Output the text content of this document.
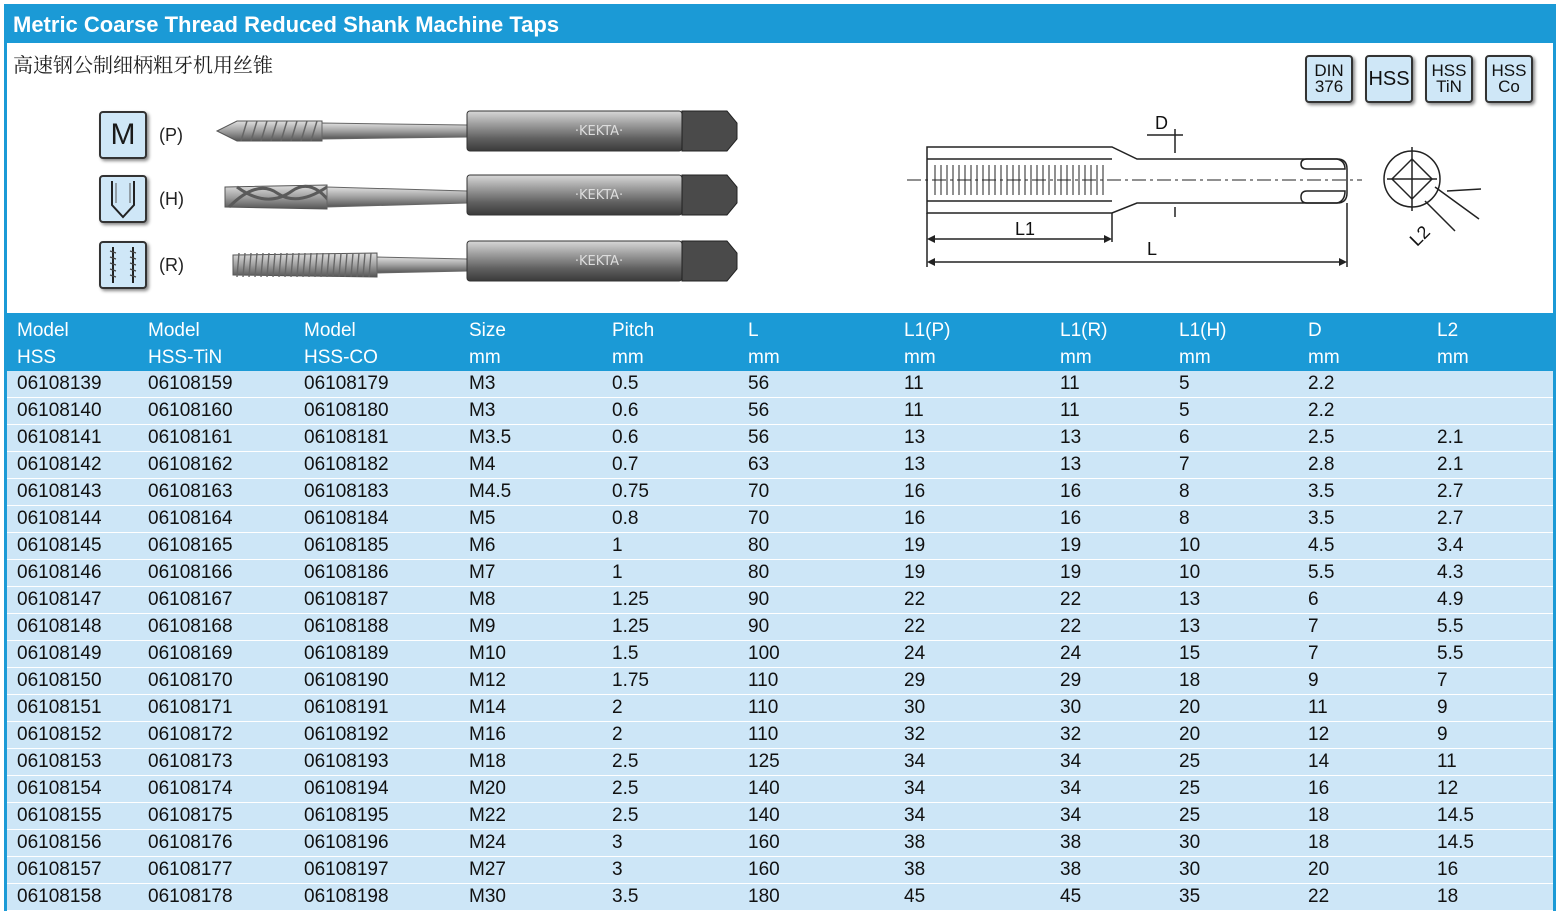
Metric Coarse Thread Reduced Shank Machine Taps
高速钢公制细柄粗牙机用丝锥	DIN
376 HSS HSS
TiN
HSS
Co
M	(P)
(H)
(R)
·KEKTA·
·KEKTA·
·KEKTA·
D
L1
L	L2
Model	Model	Model	Size	Pitch	L	L1(P)	L1(R)	L1(H)	D	L2
HSS	HSS-TiN	HSS-CO	mm	mm	mm	mm	mm	mm	mm	mm
06108139	06108159	06108179	M3	0.5	56	11	11	5	2.2	
06108140	06108160	06108180	M3	0.6	56	11	11	5	2.2	
06108141	06108161	06108181	M3.5	0.6	56	13	13	6	2.5	2.1
06108142	06108162	06108182	M4	0.7	63	13	13	7	2.8	2.1
06108143	06108163	06108183	M4.5	0.75	70	16	16	8	3.5	2.7
06108144	06108164	06108184	M5	0.8	70	16	16	8	3.5	2.7
06108145	06108165	06108185	M6	1	80	19	19	10	4.5	3.4
06108146	06108166	06108186	M7	1	80	19	19	10	5.5	4.3
06108147	06108167	06108187	M8	1.25	90	22	22	13	6	4.9
06108148	06108168	06108188	M9	1.25	90	22	22	13	7	5.5
06108149	06108169	06108189	M10	1.5	100	24	24	15	7	5.5
06108150	06108170	06108190	M12	1.75	110	29	29	18	9	7
06108151	06108171	06108191	M14	2	110	30	30	20	11	9
06108152	06108172	06108192	M16	2	110	32	32	20	12	9
06108153	06108173	06108193	M18	2.5	125	34	34	25	14	11
06108154	06108174	06108194	M20	2.5	140	34	34	25	16	12
06108155	06108175	06108195	M22	2.5	140	34	34	25	18	14.5
06108156	06108176	06108196	M24	3	160	38	38	30	18	14.5
06108157	06108177	06108197	M27	3	160	38	38	30	20	16
06108158	06108178	06108198	M30	3.5	180	45	45	35	22	18
